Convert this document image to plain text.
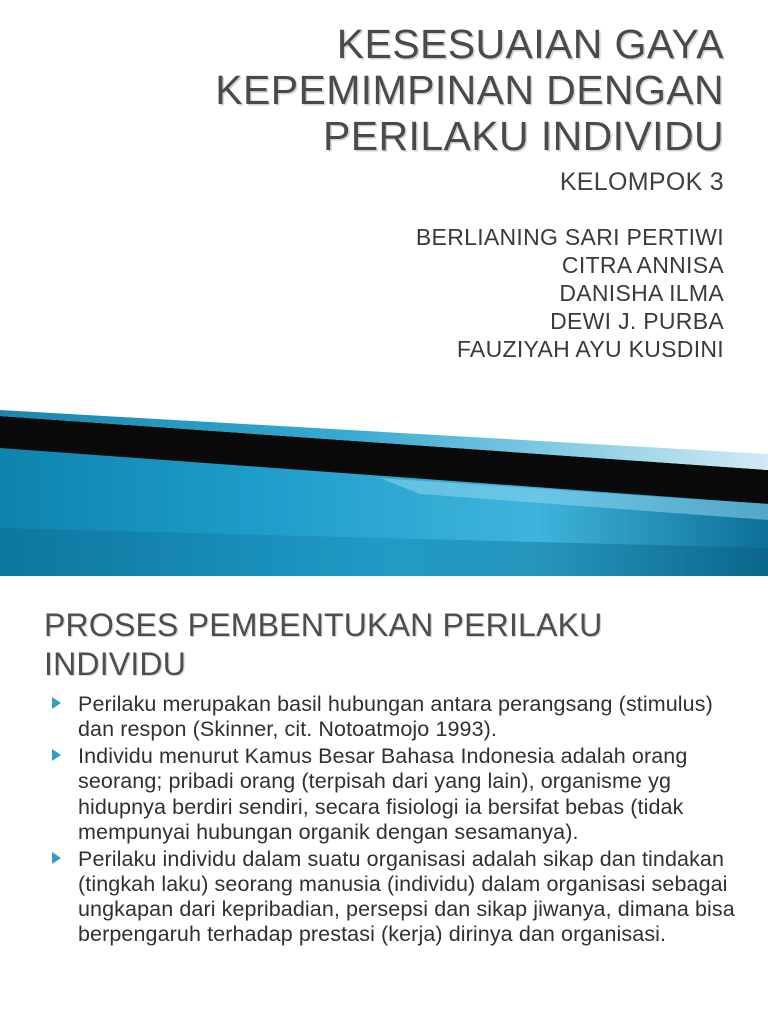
KESESUAIAN GAYA KEPEMIMPINAN DENGAN PERILAKU INDIVIDU
KELOMPOK 3
BERLIANING SARI PERTIWI
CITRA ANNISA
DANISHA ILMA
DEWI J. PURBA
FAUZIYAH AYU KUSDINI
PROSES PEMBENTUKAN PERILAKU INDIVIDU
Perilaku merupakan basil hubungan antara perangsang (stimulus) dan respon (Skinner, cit. Notoatmojo 1993).
Individu menurut Kamus Besar Bahasa Indonesia adalah orang seorang; pribadi orang (terpisah dari yang lain), organisme yg hidupnya berdiri sendiri, secara fisiologi ia bersifat bebas (tidak mempunyai hubungan organik dengan sesamanya).
Perilaku individu dalam suatu organisasi adalah sikap dan tindakan (tingkah laku) seorang manusia (individu) dalam organisasi sebagai ungkapan dari kepribadian, persepsi dan sikap jiwanya, dimana bisa berpengaruh terhadap prestasi (kerja) dirinya dan organisasi.
